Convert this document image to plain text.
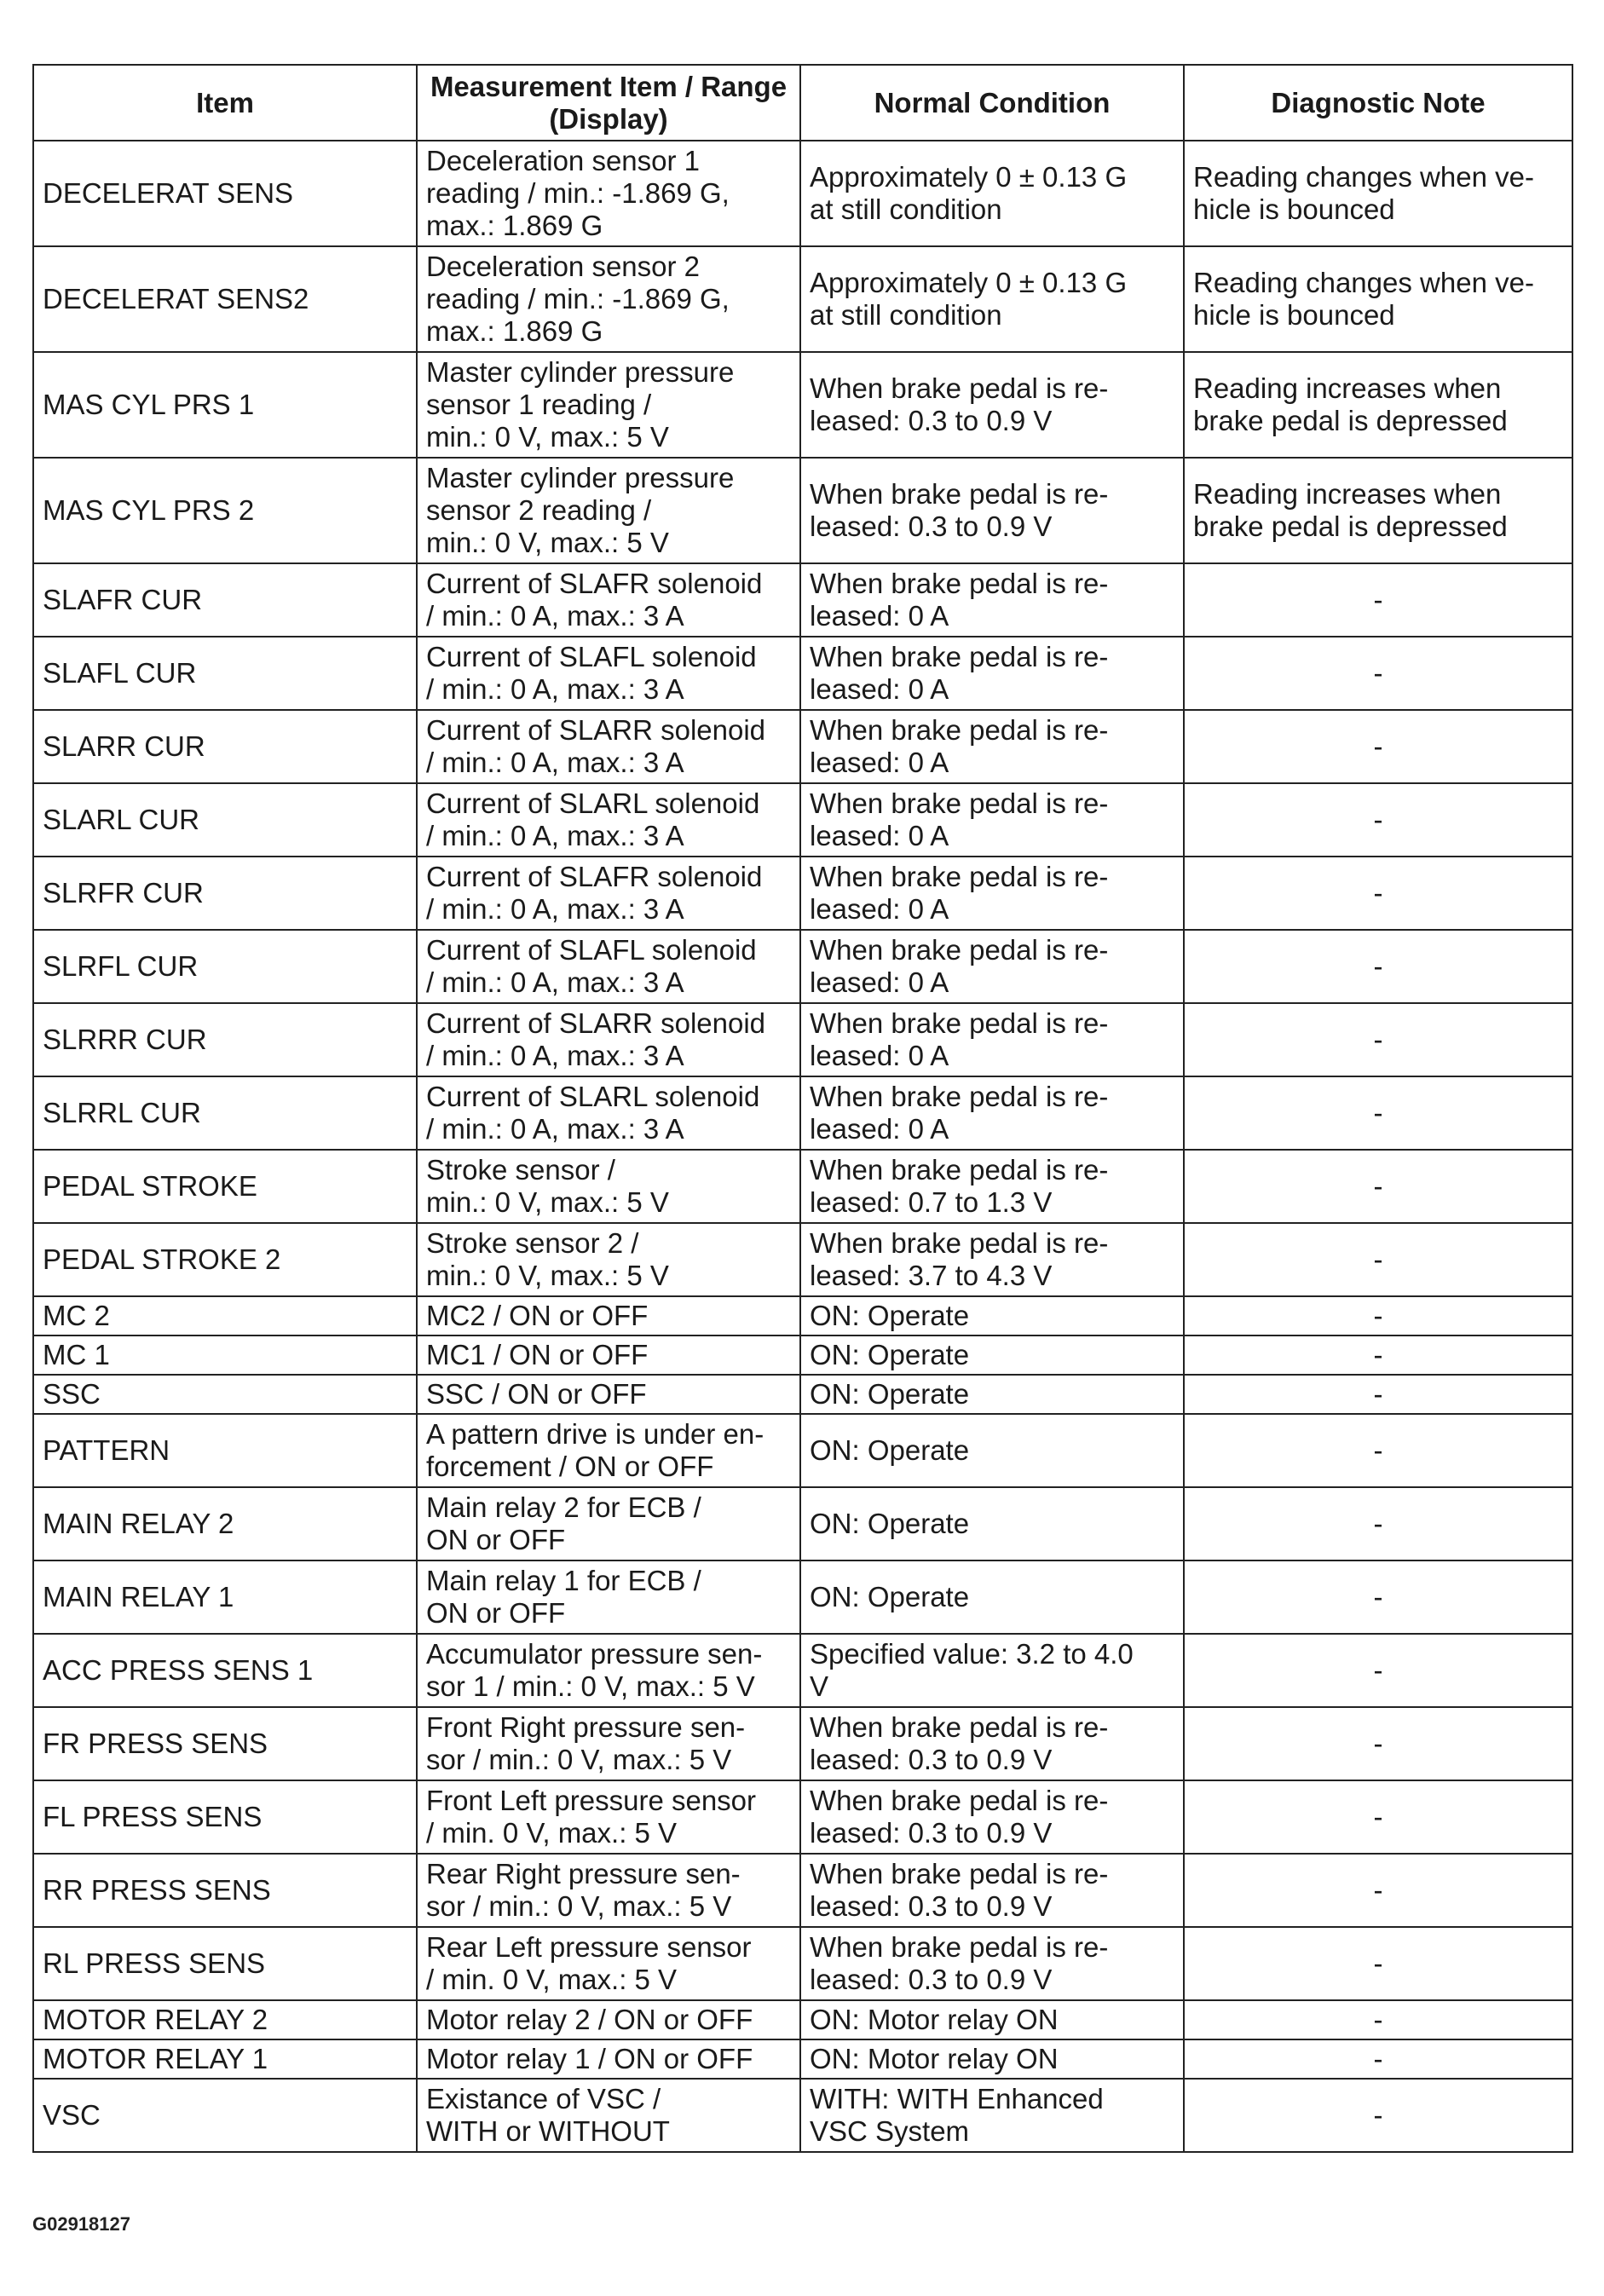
Item	Measurement Item / Range (Display)	Normal Condition	Diagnostic Note
DECELERAT SENS	Deceleration sensor 1
reading / min.: -1.869 G,
max.: 1.869 G	Approximately 0 ± 0.13 G
at still condition	Reading changes when ve-
hicle is bounced
DECELERAT SENS2	Deceleration sensor 2
reading / min.: -1.869 G,
max.: 1.869 G	Approximately 0 ± 0.13 G
at still condition	Reading changes when ve-
hicle is bounced
MAS CYL PRS 1	Master cylinder pressure
sensor 1 reading /
min.: 0 V, max.: 5 V	When brake pedal is re-
leased: 0.3 to 0.9 V	Reading increases when
brake pedal is depressed
MAS CYL PRS 2	Master cylinder pressure
sensor 2 reading /
min.: 0 V, max.: 5 V	When brake pedal is re-
leased: 0.3 to 0.9 V	Reading increases when
brake pedal is depressed
SLAFR CUR	Current of SLAFR solenoid
/ min.: 0 A, max.: 3 A	When brake pedal is re-
leased: 0 A	-
SLAFL CUR	Current of SLAFL solenoid
/ min.: 0 A, max.: 3 A	When brake pedal is re-
leased: 0 A	-
SLARR CUR	Current of SLARR solenoid
/ min.: 0 A, max.: 3 A	When brake pedal is re-
leased: 0 A	-
SLARL CUR	Current of SLARL solenoid
/ min.: 0 A, max.: 3 A	When brake pedal is re-
leased: 0 A	-
SLRFR CUR	Current of SLAFR solenoid
/ min.: 0 A, max.: 3 A	When brake pedal is re-
leased: 0 A	-
SLRFL CUR	Current of SLAFL solenoid
/ min.: 0 A, max.: 3 A	When brake pedal is re-
leased: 0 A	-
SLRRR CUR	Current of SLARR solenoid
/ min.: 0 A, max.: 3 A	When brake pedal is re-
leased: 0 A	-
SLRRL CUR	Current of SLARL solenoid
/ min.: 0 A, max.: 3 A	When brake pedal is re-
leased: 0 A	-
PEDAL STROKE	Stroke sensor /
min.: 0 V, max.: 5 V	When brake pedal is re-
leased: 0.7 to 1.3 V	-
PEDAL STROKE 2	Stroke sensor 2 /
min.: 0 V, max.: 5 V	When brake pedal is re-
leased: 3.7 to 4.3 V	-
MC 2	MC2 / ON or OFF	ON: Operate	-
MC 1	MC1 / ON or OFF	ON: Operate	-
SSC	SSC / ON or OFF	ON: Operate	-
PATTERN	A pattern drive is under en-
forcement / ON or OFF	ON: Operate	-
MAIN RELAY 2	Main relay 2 for ECB /
ON or OFF	ON: Operate	-
MAIN RELAY 1	Main relay 1 for ECB /
ON or OFF	ON: Operate	-
ACC PRESS SENS 1	Accumulator pressure sen-
sor 1 / min.: 0 V, max.: 5 V	Specified value: 3.2 to 4.0
V	-
FR PRESS SENS	Front Right pressure sen-
sor / min.: 0 V, max.: 5 V	When brake pedal is re-
leased: 0.3 to 0.9 V	-
FL PRESS SENS	Front Left pressure sensor
/ min. 0 V, max.: 5 V	When brake pedal is re-
leased: 0.3 to 0.9 V	-
RR PRESS SENS	Rear Right pressure sen-
sor / min.: 0 V, max.: 5 V	When brake pedal is re-
leased: 0.3 to 0.9 V	-
RL PRESS SENS	Rear Left pressure sensor
/ min. 0 V, max.: 5 V	When brake pedal is re-
leased: 0.3 to 0.9 V	-
MOTOR RELAY 2	Motor relay 2 / ON or OFF	ON: Motor relay ON	-
MOTOR RELAY 1	Motor relay 1 / ON or OFF	ON: Motor relay ON	-
VSC	Existance of VSC /
WITH or WITHOUT	WITH: WITH Enhanced
VSC System	-
G02918127
